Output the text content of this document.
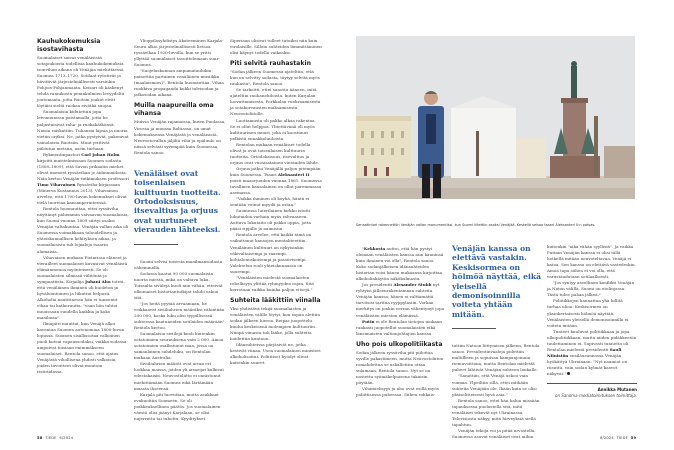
Kauhukokemuksia isostavihasta

Suomalaiset saivat venäläisistä sotajoukoista todellisia kauhukokemuksia isonvihan aikana eli Venäjän miehittäessä Suomea 1713–1720. Sotilaat ryöstivät ja hävittivät järjestelmällisesti varsinkin Pohjois-Pohjanmaata. Keisari oli käskenyt tehdä rannikosta peninkulmien levyydeltä joutomaata, jotta Ruotsin joukot eivät löytäisi sieltä ruokaa eivätkä suojaa.

Suomalaisia kidutettiin jopa leivinuunissa paistamalla, jotta he paljastaisivat raha- ja ruokakätkönsä. Naisia raiskattiin. Tuhansia lapsia ja nuoria vietiin orjiksi. Ne, jotka pystyivät, pakenivat vainolaista Ruotsiin. Muut yrittivät piiloutua metsiin, usein turhaan.

Rykmentinpastori Carl Johan Holm kirjoitti muistelmissaan Suomen sodasta (1808–1809), että Savon prikaatin miehet olivat imeneet ryssävihan jo äidinmaidosta. Näin kertoo Venäjän-tutkimuksen professori Timo Vihavainen Ryssäviha-kirjassaan (Minerva Kustannus 2013). Vihavainen arvelee, että 1700-luvun kokemukset olivat vielä tuoreina kansanperinteessä.

Rentola huomauttaa, ettei ryssäviha näyttänyt pahemmin vaivaavan suomalaisia, kun Suomi vuonna 1809 siirtyi osaksi Venäjän valtakuntaa. Venäjän vallan aika oli Suomessa voimakkaan taloudellisen ja yhteiskunnallisen kehityksen aikaa, ja suomalaisista tuli lojaaleja tsaarin alamaisia.

Vihavaisen mukaan Pietarissa eläneet ja vierailleet suomalaiset kuvasivat venäläistä elämänmenoa myönteisesti. Se oli suomalaisten silmissä välitöntä ja sympaattista. Kirjailija Juhani Aho totesi, että venäläinen ihminen oli huoleton ja hyväluontoinen ja liikuttui helposti. Alkoholia nautittaessa hän ei tunnenut vihaa tai katkeruutta, "vaan hän tahtoi innoissaan suudella kaikkia ja koko maailmaa".

Ilmapiiri muuttui, kun Venäjä alkoi kaventaa Suomen autonomiaa 1800-luvun lopussa. Suomen sisällissotaa valkoinen puoli kutsui vapaussodaksi, vaikka sodassa ampuivat toisiaan enimmäkseen suomalaiset. Rentola sanoo, että ajatus Venäjästä vihollisena yhdisti valkoisia, joiden tavoitteet olivat muutoin ristiriidassa.

Ylioppilasyhdistys Akateeminen Karjala-Seura alkoi järjestelmällisesti lietsoa ryssävihaa 1920-luvulla, kun se yritti yllyttää suomalaiset tavoittelemaan suur-Suomea.

"Suojeluskunnan ampumataulukin painettiin partainen venäläinen musiikka (maalaismies)", Rentola huomauttaa. Vihaa ruokkiva propaganda kukki talvisodan ja jatkosodan aikana.

Muilla naapureilla oma vihansa

Muissa Venäjän rajamaissa, kuten Puolassa, Virossa ja muussa Baltiassa, on omat kokemuksensa Venäjästä ja venäläisistä. Neuvostovallan jäljiltä viha ja epäluulo on niissä selvästi syvempää kuin Suomessa, Rentola sanoo.

Venäläiset ovat toisenlaisen kulttuurin tuotteita. Ortodoksisuus, itsevaltius ja orjuus ovat uurtuneet vierauden lähteeksi.

Suomi selvisi toisesta maailmansodasta vähemmällä.

Sodassa kuatui 90 000 suomalaista nuorta miestä, mikä on valtava luku. Toisaalta siviilejä kuoli niin vähän, etteivät ulkomaiset historiantutkijat tahdo uskoa sitä.

"Jos heitä pyytää arvaamaan, he veikkaavat siviiliuhrien määräksi vähintään 200 000, koska luku olisi tyypillisessä suhteessa kaatuneiden sotilaiden määrään", Rentola kertoo.

Suomalaisia siviilejä kuoli kuitenkin sotatoimien seurauksena vain 2 000. Ainoa sotatoimien osallistunut maa, jossa on samanlainen suhdeluku, on Rentolan mukaan Australia.

Siviiliuhrien määrät ovat aivan eri luokkaa maissa, joiden yli armeijat kulkivat edestakaisin. Neuvostoliitto ei onnistunut miehittämään Suomea eikä lärtämään maasta ihseensä.

Karjala piti luovuttaa, mutta asukkaat evakuoitiin Suomeen. Se oli poikkeuksellinen päätös. Jos suomalainen väestö olisi jäänyt Karjalaan, se olisi nujerrettu tai tuhottu. Kyyditykset

Siperiaan olisivat tulleet tutuiksi niin kuin virolaisille. Silloin suhteiden lämmittäminen olisi käynyt todella vaikeaksi.

Piti selvitä rauhastakin

"Sodan jälkeen Suomessa ajateltiin, että kun on selvitty sodasta, täytyy selvitä myös rauhasta", Rentola sanoo.

Se tarkoitti, ettei sanottu ääneen, mitä ajateltiin rauhanehdoista, kuten Karjalan luovuttamisesta, Porkkalan vuokraamisesta ja sotakorvausten maksamisesta Neuvostoliitolle.

Luottamusta oli pakko alkaa rakentaa. Se ei ollut helppoa. Ylitettävänä oli myös kulttuurinen muuri, joka ei koostunut pelkistä ennakkoluuloista.

Rentolan mukaan venäläiset todella olivat ja ovat toisenlaisen kulttuurin tuotteita. Ortodoksisuus, itsevaltius ja orjuus ovat vuosisatainen vierauden lähde.

Orjuus jatkui Venäjällä paljon pitempään kuin Suomessa. Tsaari Aleksanteri II poisti maaorjuuden vuonna 1861. Suomessa tavallinen kansalainen on ollut paremmassa asemassa.

"Vaikka ihminen oli köyhä, häntä ei sentään voinut myydä ja ostaa."

Suomessa luterilainen kirkko istutti lukutaidon varhain myös rahvaaseen. Auttava lukutaito oli pakko oppia, jotta pääsi rippille ja naimisiin.

Rentola arvelee, että kaikki tämä on vaikuttanut kansojen mentaliteettiin. Venäläinen kulttuuri on nykyisinkin väkivaltaisempi ja raaempi, kohtalonuskoisempi ja passiivisempi. Valehtelun rooli yhteiskunnassa on suurempi.

"Venäläisten mielestä suomalaisten rehellisyys ylittää ryhmyyden rajan. Sitä kerrotaan vaikka kuinka paljon vitsejä."

Suhteita lääkittiin viinalla

Yksi yhdistävä tekijä suomalaisten ja venäläisten välille löytyi, kun sopua alettiin sodan jälkeen hieroa. Reipas juopottelu kuului keskeisenä molempien kulttuuriin. Niinpä viinasta tuli lääke, jolla suhteita hoidettiin kuntoon.

Idänsuhteissa pärjäsivät ne, jotka kestivät viinaa. Usea suomalainen ministeri alkoholisoitui. Poliittiset hyödyt olivat kuitenkin suuret.

58 TIEDE 6/2024
Senaatintori rakennettiin Venäjän vallan monumentiksi, kun Suomi liitettiin osaksi Venäjää. Keskellä seisoo tsaari Aleksanteri II:n patsas.

"Kekkosta auttoi, että hän pystyi olemaan venäläisten kanssa niin känninsä kuin ihminen voi olla", Rentola sanoo. Koko sodanjälkeisen idänsuhteiden historian voisi hänen mukaansa kirjoittaa alkoholinkäytön näkökulmasta.

Jos presidentti Alexander Stubb nyt ryhtyisi jälleenrakentamaan suhteita Venäjän kanssa, hänen ei välttämättä tarvitsisi tarttua ryyppylasiin. Vorkan merkitys on jonkin verran vähentynyt jopa venäläisten miesten elämässä.

Putin ei ole Rentolan tietojen mukaan rankasti juopotellut suomalaisten eikä länsimaisten valtionjohtajien kanssa.

Uho pois ulkopolitiikasta

Sodan jälkeen ryssäviha piti piilottaa syville pakastimeen, mutta Neuvostoliiton romahdettua se uskallettiin ottaa sulamaan, Rentola sanoo. Nyt se on nostettu syömäkelpoisena takaisin pöytään.

Vihamielisyys ja uho ovat esillä myös poliittisessa puheessa. Siihen rohkais-

Venäjän kanssa on elettävä vastakin. Keskisormea on hölmöä näyttää, eikä yleisellä demonisoinnilla voiteta yhtään mitään.

tuttiin Natoon liittymisen jälkeen, Rentola sanoo. Presidentinvaaleja pidettiin maltillisen ja sopuisan kampanjoinnin riemuvoittona, mutta Rentolan mielestä puheet lähtivät Venäjän suhteen laukalle.

"Sanottiin, että Venäjä uskoo vain voimaa. Ylpeiltiin sillä, ettei mitkään suhteita Venäjään ole. Ikään kuin se olisi yksiselitteisesti hyvä asia."

Rentola sanoo, ettei hän halua missään tapauksessa puolustella sitä, mitä venäläiset tekevät nyt Ukrainassa. Televisiosta näkyy, mitä hirveyksiä siellä tapahtuu.

Venäjän tekoja voi ja pitää arvostella. Suomessa asuvat venäläiset ovat niihin

kuitenkin "aika vähän syyllisiä". Ja vaikka Putinin Venäjän kanssa ei olisi tällä hetkellä mitään neuvoteltavaa, Venäjä ei katoa. Sen kanssa on elettävä vastedeskin. Ainoa tapa siihen ei voi olla, että varustaudutaan sotilaallisesti.

"Jos syntyy aseellinen konflikti Venäjän ja Naton välillä, Suomi on etulinjassa. Tästä tulee pahaa jälkeä."

Poliitikkojen kannattaa yhä hillitä turhaa uhoa. Keskisormea on yksinkertaisesti hölmöä näyttää. Venäläisten yleisellä demonisoinnilla ei voiteta mitään.

Tunteet kuuluvat politiikkaan ja jopa ulkopolitiikkaan, mutta niiden pidäkkeetön tuulettaminen ei. Sopivasti tunnetta oli Rentolan mielestä presidentti Sauli Niinistön ensiläusunnossa Venäjän hyökättyä Ukrainaan: "Nyt naamiot on riisuttu, vain sodan kylmät kasvot näkyvät."

Annikka Mutanen
on Sanoma-mediatoimituksen toimittaja.
6/2024 TIEDE 59
